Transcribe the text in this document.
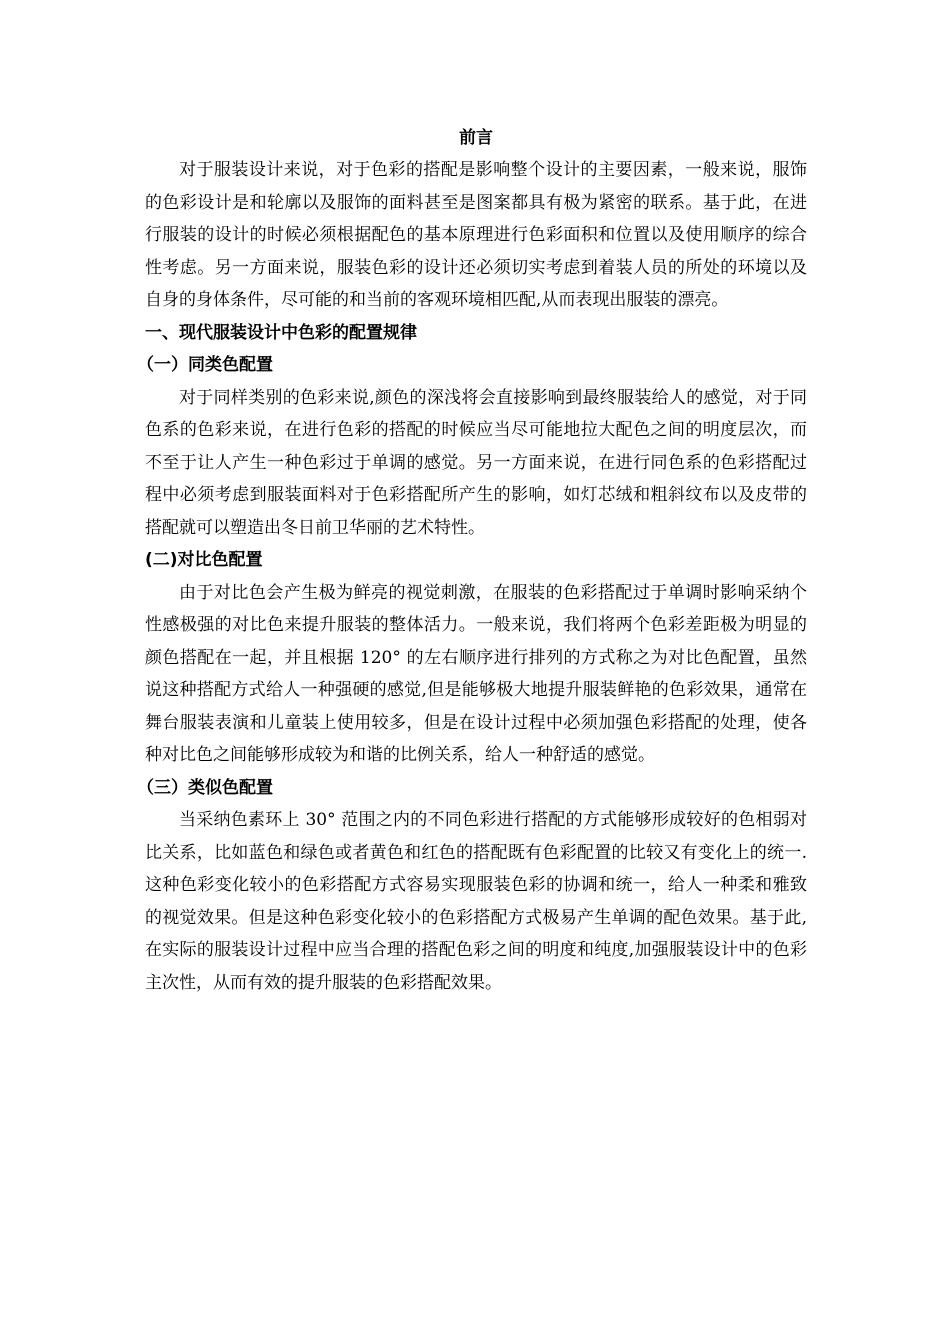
前言

对于服装设计来说，对于色彩的搭配是影响整个设计的主要因素，一般来说，服饰的色彩设计是和轮廓以及服饰的面料甚至是图案都具有极为紧密的联系。基于此，在进行服装的设计的时候必须根据配色的基本原理进行色彩面积和位置以及使用顺序的综合性考虑。另一方面来说，服装色彩的设计还必须切实考虑到着装人员的所处的环境以及自身的身体条件，尽可能的和当前的客观环境相匹配,从而表现出服装的漂亮。

一、现代服装设计中色彩的配置规律

（一）同类色配置

对于同样类别的色彩来说,颜色的深浅将会直接影响到最终服装给人的感觉，对于同色系的色彩来说，在进行色彩的搭配的时候应当尽可能地拉大配色之间的明度层次，而不至于让人产生一种色彩过于单调的感觉。另一方面来说，在进行同色系的色彩搭配过程中必须考虑到服装面料对于色彩搭配所产生的影响，如灯芯绒和粗斜纹布以及皮带的搭配就可以塑造出冬日前卫华丽的艺术特性。

(二)对比色配置

由于对比色会产生极为鲜亮的视觉刺激，在服装的色彩搭配过于单调时影响采纳个性感极强的对比色来提升服装的整体活力。一般来说，我们将两个色彩差距极为明显的颜色搭配在一起，并且根据 120° 的左右顺序进行排列的方式称之为对比色配置，虽然说这种搭配方式给人一种强硬的感觉,但是能够极大地提升服装鲜艳的色彩效果，通常在舞台服装表演和儿童装上使用较多，但是在设计过程中必须加强色彩搭配的处理，使各种对比色之间能够形成较为和谐的比例关系，给人一种舒适的感觉。

（三）类似色配置

当采纳色素环上 30° 范围之内的不同色彩进行搭配的方式能够形成较好的色相弱对比关系，比如蓝色和绿色或者黄色和红色的搭配既有色彩配置的比较又有变化上的统一.这种色彩变化较小的色彩搭配方式容易实现服装色彩的协调和统一，给人一种柔和雅致的视觉效果。但是这种色彩变化较小的色彩搭配方式极易产生单调的配色效果。基于此,在实际的服装设计过程中应当合理的搭配色彩之间的明度和纯度,加强服装设计中的色彩主次性，从而有效的提升服装的色彩搭配效果。
